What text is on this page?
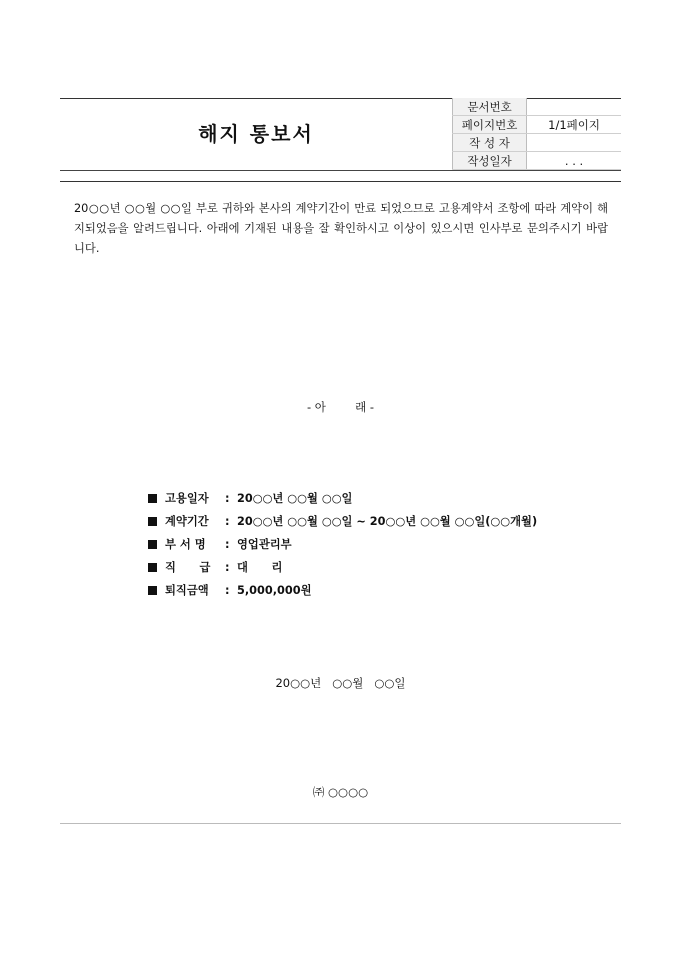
해지 통보서
문서번호	
페이지번호	1/1페이지
작 성 자	
작성일자	. . .
20○○년 ○○월 ○○일 부로 귀하와 본사의 계약기간이 만료 되었으므로 고용계약서 조항에 따라 계약이 해지되었음을 알려드립니다. 아래에 기재된 내용을 잘 확인하시고 이상이 있으시면 인사부로 문의주시기 바랍니다.
- 아        래 -
고용일자	: 20○○년 ○○월 ○○일
계약기간	: 20○○년 ○○월 ○○일 ~ 20○○년 ○○월 ○○일(○○개월)
부 서 명	: 영업관리부
직      급	: 대      리
퇴직금액	: 5,000,000원
20○○년   ○○월   ○○일
㈜ ○○○○
